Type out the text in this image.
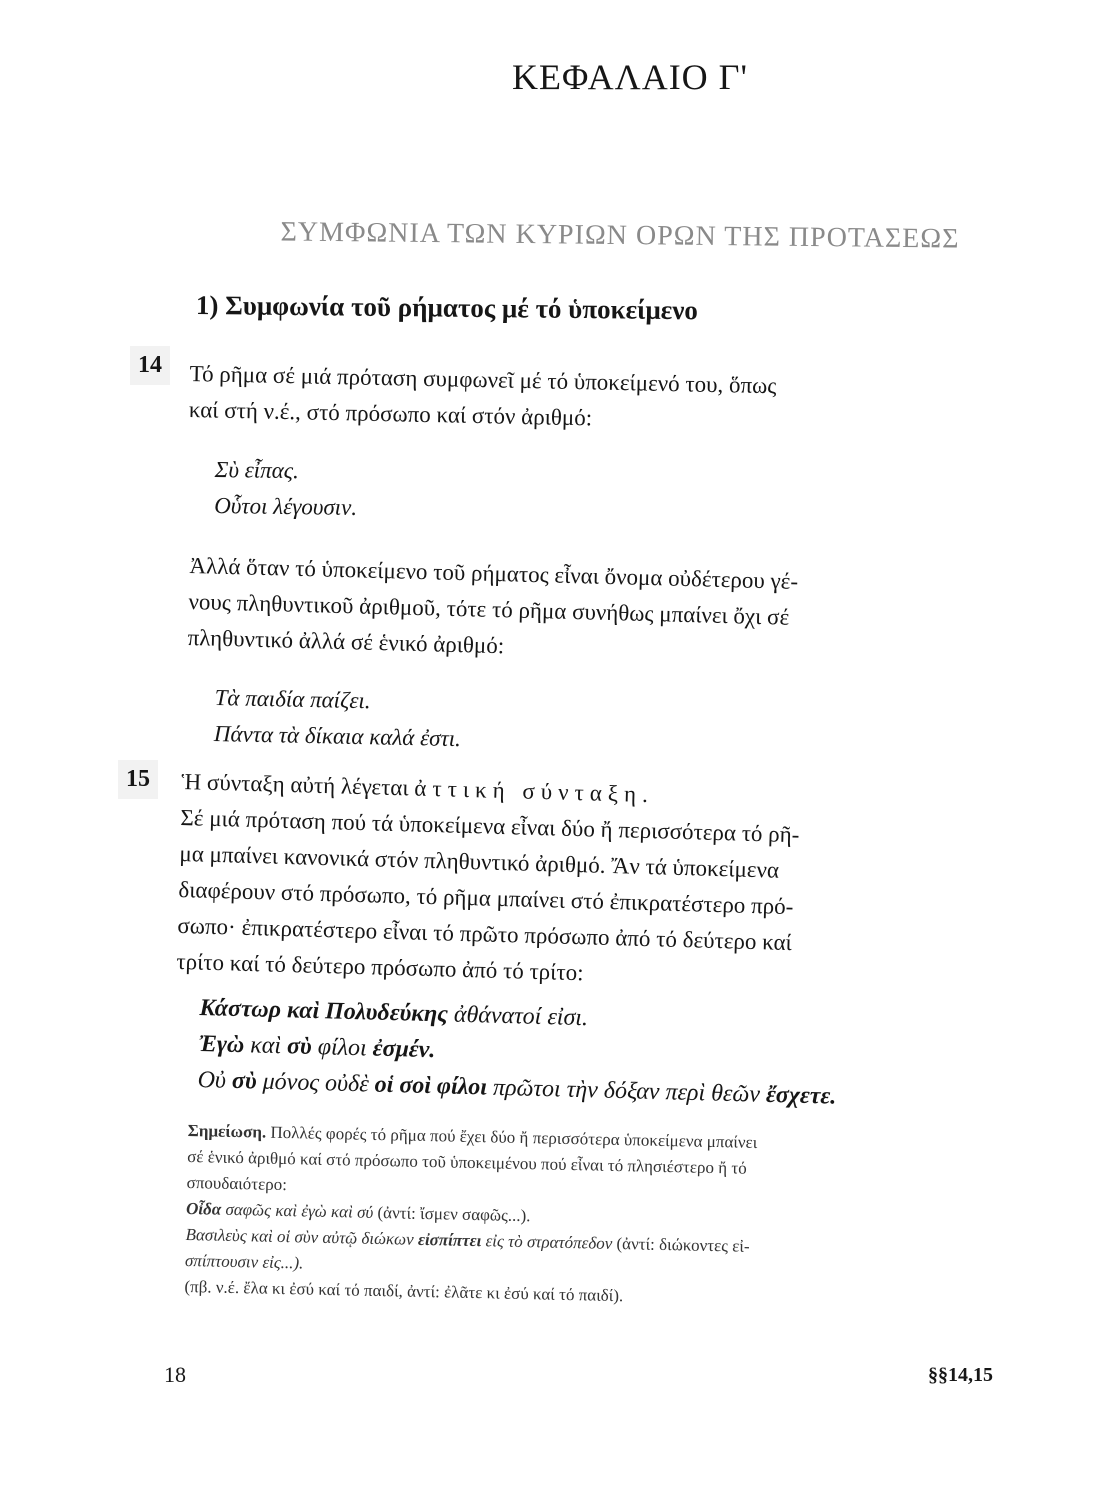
ΚΕΦΑΛΑΙΟ Γ'
ΣΥΜΦΩΝΙΑ ΤΩΝ ΚΥΡΙΩΝ ΟΡΩΝ ΤΗΣ ΠΡΟΤΑΣΕΩΣ
1) Συμφωνία τοῦ ρήματος μέ τό ὑποκείμενο
14	Τό ρῆμα σέ μιά πρόταση συμφωνεῖ μέ τό ὑποκείμενό του, ὅπως

καί στή ν.έ., στό πρόσωπο καί στόν ἀριθμό:

Σὺ εἶπας.

Οὗτοι λέγουσιν.

Ἀλλά ὅταν τό ὑποκείμενο τοῦ ρήματος εἶναι ὄνομα οὐδέτερου γέ-

νους πληθυντικοῦ ἀριθμοῦ, τότε τό ρῆμα συνήθως μπαίνει ὄχι σέ

πληθυντικό ἀλλά σέ ἑνικό ἀριθμό:

Τὰ παιδία παίζει.

Πάντα τὰ δίκαια καλά ἐστι.

15	Ἡ σύνταξη αὐτή λέγεται ἀττική σύνταξη.

Σέ μιά πρόταση πού τά ὑποκείμενα εἶναι δύο ἤ περισσότερα τό ρῆ-

μα μπαίνει κανονικά στόν πληθυντικό ἀριθμό. Ἄν τά ὑποκείμενα

διαφέρουν στό πρόσωπο, τό ρῆμα μπαίνει στό ἐπικρατέστερο πρό-

σωπο· ἐπικρατέστερο εἶναι τό πρῶτο πρόσωπο ἀπό τό δεύτερο καί

τρίτο καί τό δεύτερο πρόσωπο ἀπό τό τρίτο:

Κάστωρ καὶ Πολυδεύκης ἀθάνατοί εἰσι.

Ἐγὼ καὶ σὺ φίλοι ἐσμέν.

Οὐ σὺ μόνος οὐδὲ οἱ σοὶ φίλοι πρῶτοι τὴν δόξαν περὶ θεῶν ἔσχετε.

Σημείωση. Πολλές φορές τό ρῆμα πού ἔχει δύο ἤ περισσότερα ὑποκείμενα μπαίνει

σέ ἑνικό ἀριθμό καί στό πρόσωπο τοῦ ὑποκειμένου πού εἶναι τό πλησιέστερο ἤ τό

σπουδαιότερο:

Οἶδα σαφῶς καὶ ἐγὼ καὶ σύ (ἀντί: ἴσμεν σαφῶς...).

Βασιλεὺς καὶ οἱ σὺν αὐτῷ διώκων εἰσπίπτει εἰς τὸ στρατόπεδον (ἀντί: διώκοντες εἰ-

σπίπτουσιν εἰς...).

(πβ. ν.έ. ἔλα κι ἐσύ καί τό παιδί, ἀντί: ἐλᾶτε κι ἐσύ καί τό παιδί).

18	§§14,15
